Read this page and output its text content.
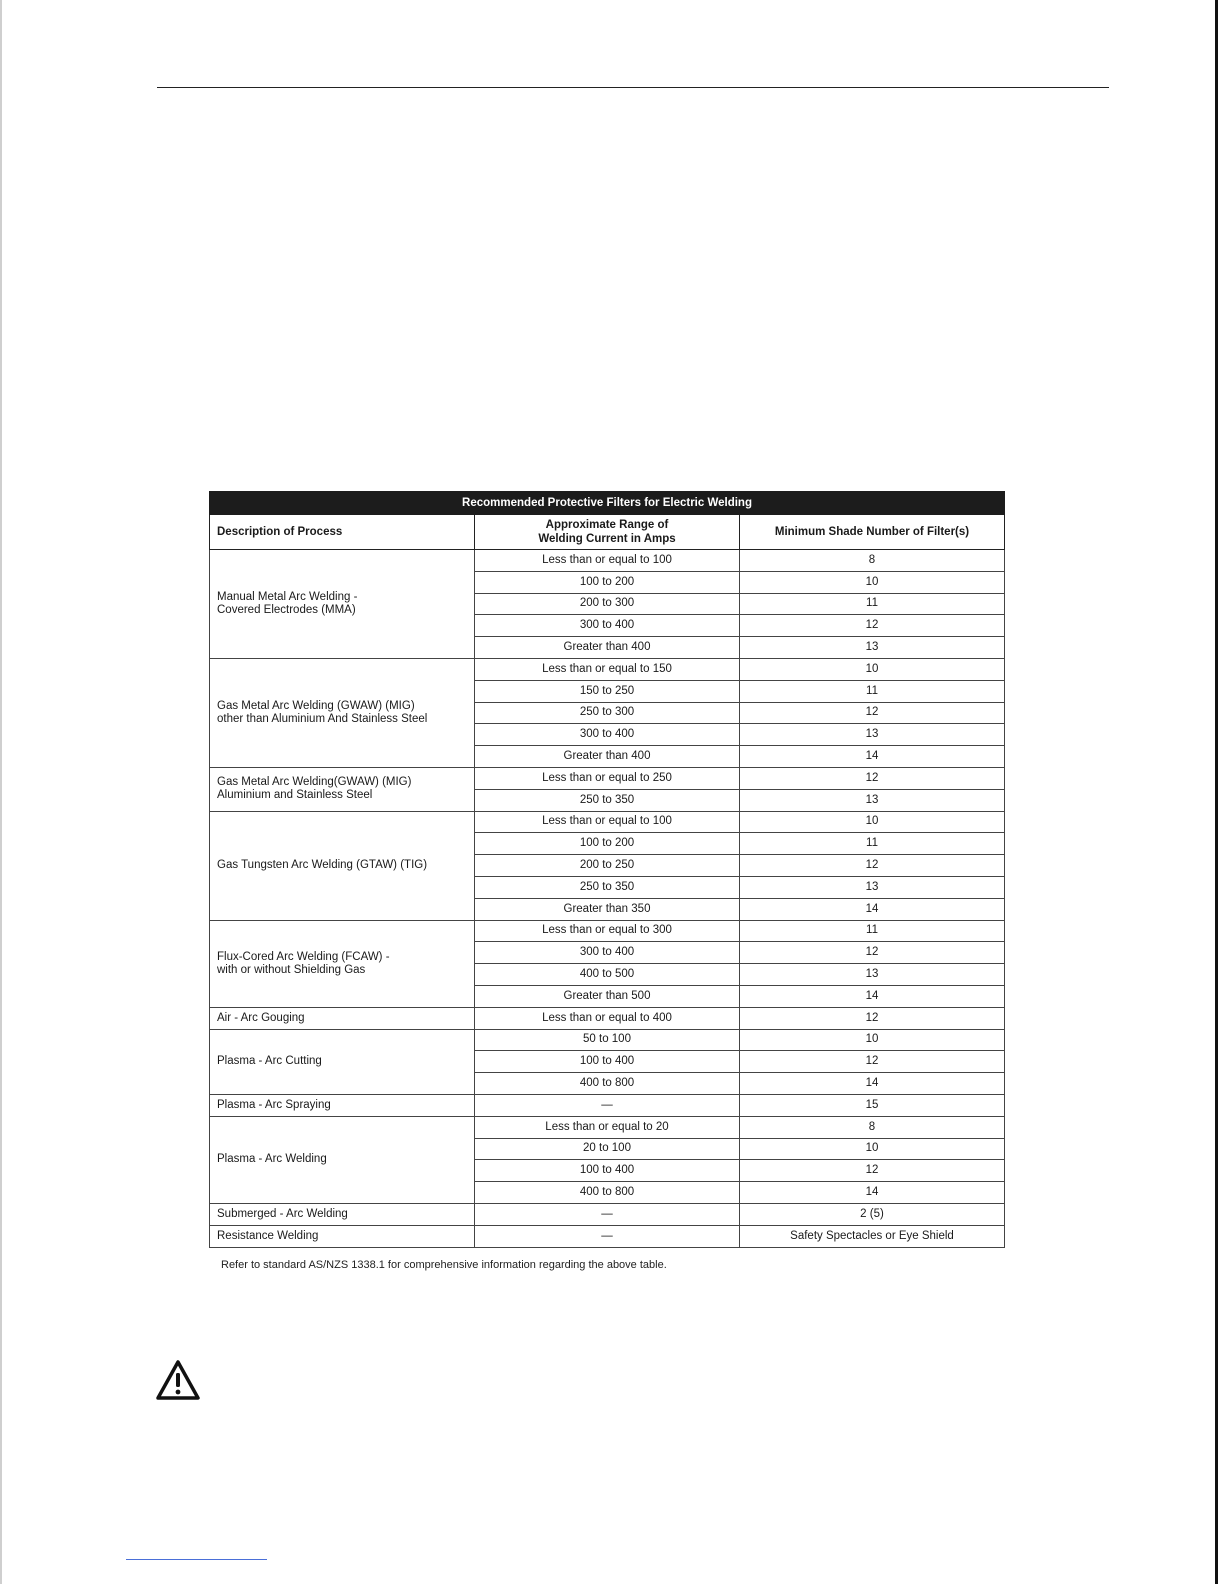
Recommended Protective Filters for Electric Welding		
Description of Process	Approximate Range of
Welding Current in Amps	Minimum Shade Number of Filter(s)
Manual Metal Arc Welding -
Covered Electrodes (MMA)	Less than or equal to 100	8
	100 to 200	10
	200 to 300	11
	300 to 400	12
	Greater than 400	13
Gas Metal Arc Welding (GWAW) (MIG)
other than Aluminium And Stainless Steel	Less than or equal to 150	10
	150 to 250	11
	250 to 300	12
	300 to 400	13
	Greater than 400	14
Gas Metal Arc Welding(GWAW) (MIG)
Aluminium and Stainless Steel	Less than or equal to 250	12
	250 to 350	13
Gas Tungsten Arc Welding (GTAW) (TIG)	Less than or equal to 100	10
	100 to 200	11
	200 to 250	12
	250 to 350	13
	Greater than 350	14
Flux-Cored Arc Welding (FCAW) -
with or without Shielding Gas	Less than or equal to 300	11
	300 to 400	12
	400 to 500	13
	Greater than 500	14
Air - Arc Gouging	Less than or equal to 400	12
Plasma - Arc Cutting	50 to 100	10
	100 to 400	12
	400 to 800	14
Plasma - Arc Spraying	—	15
Plasma - Arc Welding	Less than or equal to 20	8
	20 to 100	10
	100 to 400	12
	400 to 800	14
Submerged - Arc Welding	—	2 (5)
Resistance Welding	—	Safety Spectacles or Eye Shield
Refer to standard AS/NZS 1338.1 for comprehensive information regarding the above table.
